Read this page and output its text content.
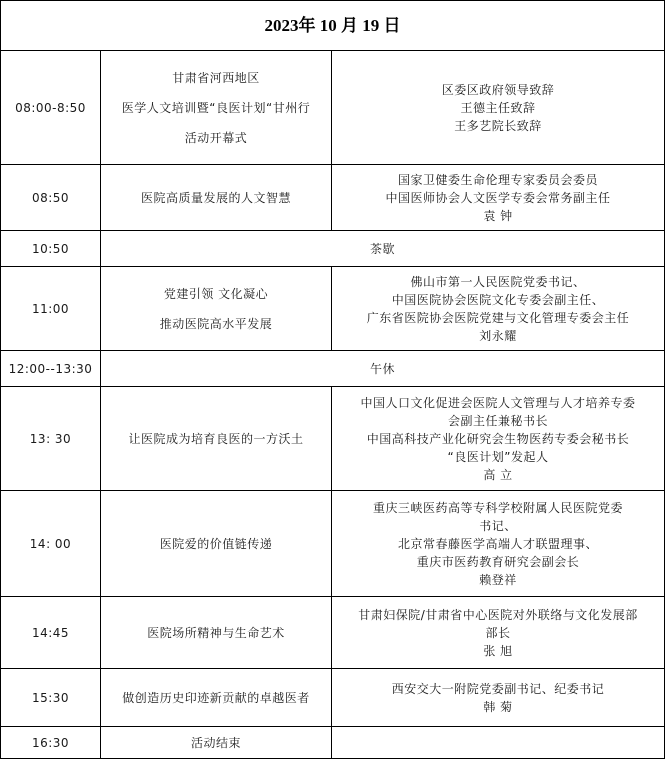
2023年 10 月 19 日		
08:00-8:50	甘肃省河西地区
医学人文培训暨“良医计划“甘州行
活动开幕式	区委区政府领导致辞
王德主任致辞
王多艺院长致辞

08:50	医院高质量发展的人文智慧	国家卫健委生命伦理专家委员会委员
中国医师协会人文医学专委会常务副主任
袁 钟

10:50	茶歇	
11:00	党建引领 文化凝心
推动医院高水平发展	佛山市第一人民医院党委书记、
中国医院协会医院文化专委会副主任、
广东省医院协会医院党建与文化管理专委会主任
刘永耀

12:00--13:30	午休	
13: 30	让医院成为培育良医的一方沃土	中国人口文化促进会医院人文管理与人才培养专委
会副主任兼秘书长
中国高科技产业化研究会生物医药专委会秘书长
“良医计划”发起人
高 立

14: 00	医院爱的价值链传递	重庆三峡医药高等专科学校附属人民医院党委
书记、
北京常春藤医学高端人才联盟理事、
重庆市医药教育研究会副会长
赖登祥

14:45	医院场所精神与生命艺术	甘肃妇保院/甘肃省中心医院对外联络与文化发展部
部长
张 旭

15:30	做创造历史印迹新贡献的卓越医者	西安交大一附院党委副书记、纪委书记
韩 菊

16:30	活动结束	
